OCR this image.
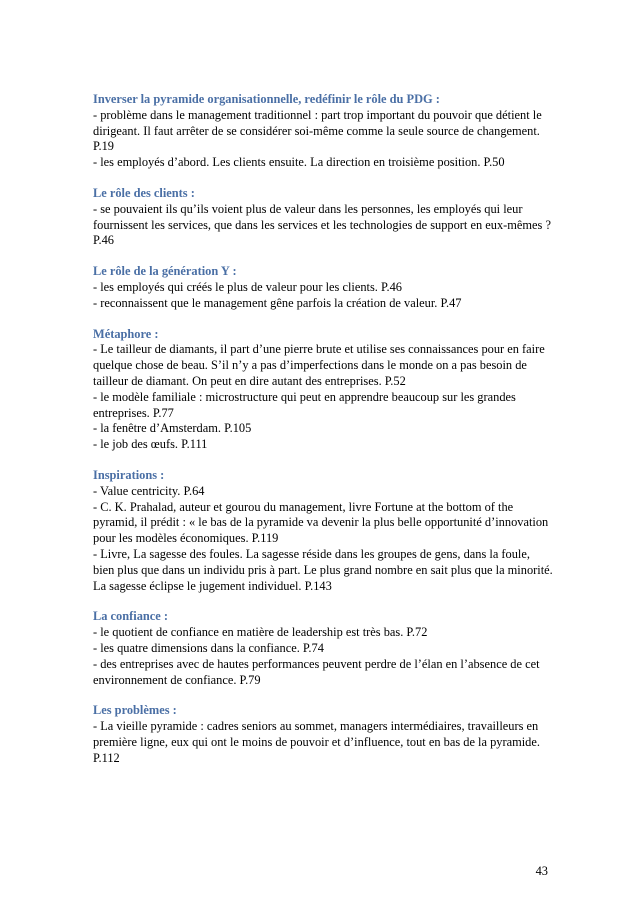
Inverser la pyramide organisationnelle, redéfinir le rôle du PDG :

- problème dans le management traditionnel : part trop important du pouvoir que détient le dirigeant. Il faut arrêter de se considérer soi-même comme la seule source de changement. P.19

- les employés d’abord. Les clients ensuite. La direction en troisième position. P.50

Le rôle des clients :

- se pouvaient ils qu’ils voient plus de valeur dans les personnes, les employés qui leur fournissent les services, que dans les services et les technologies de support en eux-mêmes ? P.46

Le rôle de la génération Y :

- les employés qui créés le plus de valeur pour les clients. P.46

- reconnaissent que le management gêne parfois la création de valeur. P.47

Métaphore :

- Le tailleur de diamants, il part d’une pierre brute et utilise ses connaissances pour en faire quelque chose de beau. S’il n’y a pas d’imperfections dans le monde on a pas besoin de tailleur de diamant. On peut en dire autant des entreprises. P.52

- le modèle familiale : microstructure qui peut en apprendre beaucoup sur les grandes entreprises. P.77

- la fenêtre d’Amsterdam. P.105

- le job des œufs. P.111

Inspirations :

- Value centricity. P.64

- C. K. Prahalad, auteur et gourou du management, livre Fortune at the bottom of the pyramid, il prédit : « le bas de la pyramide va devenir la plus belle opportunité d’innovation pour les modèles économiques. P.119

- Livre, La sagesse des foules. La sagesse réside dans les groupes de gens, dans la foule, bien plus que dans un individu pris à part. Le plus grand nombre en sait plus que la minorité. La sagesse éclipse le jugement individuel. P.143

La confiance :

- le quotient de confiance en matière de leadership est très bas. P.72

- les quatre dimensions dans la confiance. P.74

- des entreprises avec de hautes performances peuvent perdre de l’élan en l’absence de cet environnement de confiance. P.79

Les problèmes :

- La vieille pyramide : cadres seniors au sommet, managers intermédiaires, travailleurs en première ligne, eux qui ont le moins de pouvoir et d’influence, tout en bas de la pyramide. P.112

43
